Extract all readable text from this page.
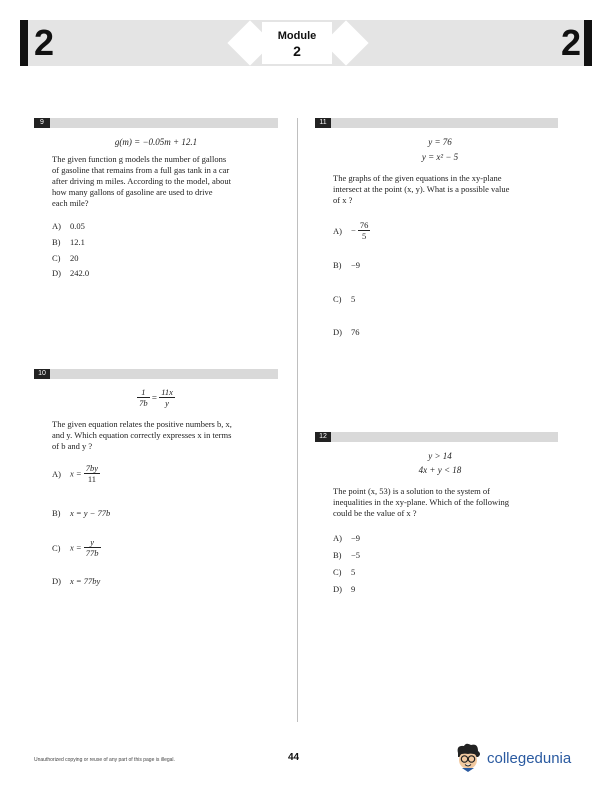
2	2
Module
2
9
g(m) = −0.05m + 12.1
The given function g models the number of gallons
of gasoline that remains from a full gas tank in a car
after driving m miles. According to the model, about
how many gallons of gasoline are used to drive
each mile?
A) 0.05
B) 12.1
C) 20
D) 242.0
10
$\frac{1}{7b} = \frac{11x}{y}$
The given equation relates the positive numbers b, x,
and y. Which equation correctly expresses x in terms
of b and y ?
A) $x = \frac{7by}{11}$
B) x = y − 77b
C) $x = \frac{y}{77b}$
D) x = 77by
11
y = 76
y = x² − 5
The graphs of the given equations in the xy-plane
intersect at the point (x, y). What is a possible value
of x ?
$A) - \frac{76}{5}$
B) −9
C) 5
D) 76
12
y > 14
4x + y < 18
The point (x, 53) is a solution to the system of
inequalities in the xy-plane. Which of the following
could be the value of x ?
A) −9
B) −5
C) 5
D) 9
Unauthorized copying or reuse of any part of this page is illegal.	44	collegedunia
